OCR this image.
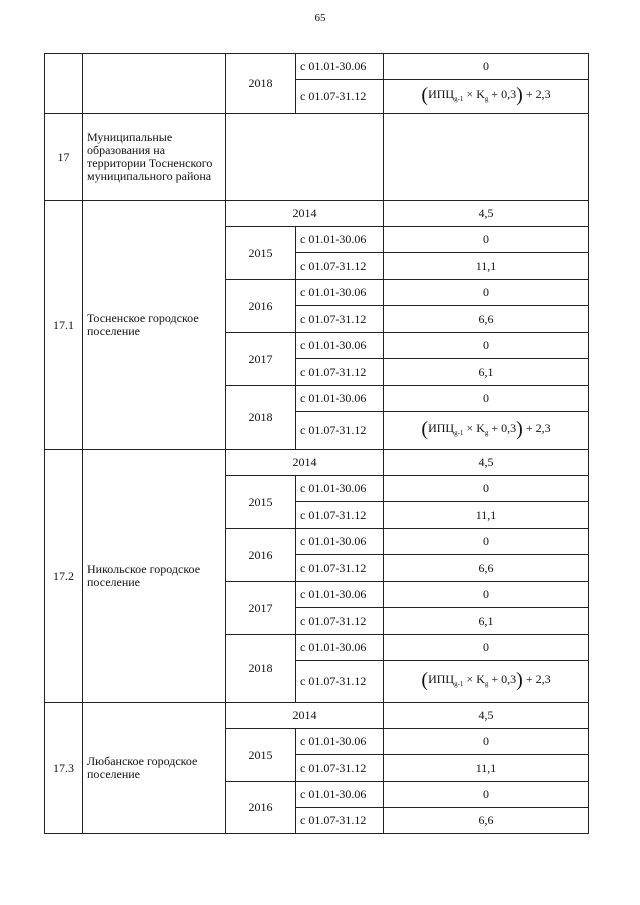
65
		2018	с 01.01-30.06	0
			с 01.07-31.12	$(ИПЦ_{g-1} \times K_g + 0,3) + 2,3$
17	Муниципальные образования на территории Тосненского муниципального района			
17.1	Тосненское городское поселение	2014		4,5
		2015	с 01.01-30.06	0
			с 01.07-31.12	11,1
		2016	с 01.01-30.06	0
			с 01.07-31.12	6,6
		2017	с 01.01-30.06	0
			с 01.07-31.12	6,1
		2018	с 01.01-30.06	0
			с 01.07-31.12	$(ИПЦ_{g-1} \times K_g + 0,3) + 2,3$
17.2	Никольское городское поселение	2014		4,5
		2015	с 01.01-30.06	0
			с 01.07-31.12	11,1
		2016	с 01.01-30.06	0
			с 01.07-31.12	6,6
		2017	с 01.01-30.06	0
			с 01.07-31.12	6,1
		2018	с 01.01-30.06	0
			с 01.07-31.12	$(ИПЦ_{g-1} \times K_g + 0,3) + 2,3$
17.3	Любанское городское поселение	2014		4,5
		2015	с 01.01-30.06	0
			с 01.07-31.12	11,1
		2016	с 01.01-30.06	0
			с 01.07-31.12	6,6
